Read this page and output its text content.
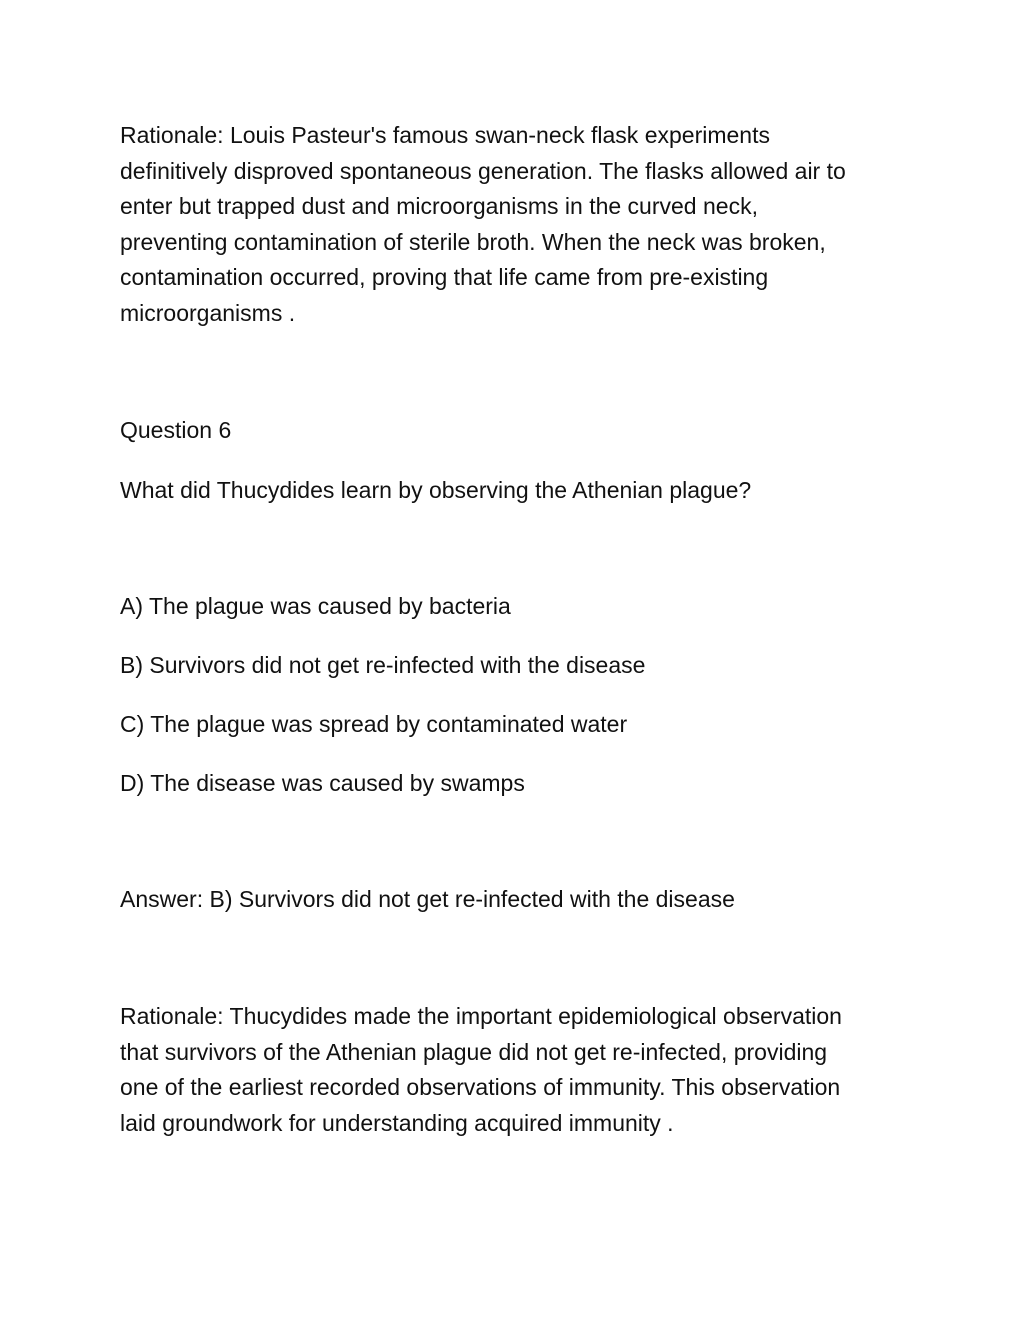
Rationale: Louis Pasteur's famous swan-neck flask experiments
definitively disproved spontaneous generation. The flasks allowed air to
enter but trapped dust and microorganisms in the curved neck,
preventing contamination of sterile broth. When the neck was broken,
contamination occurred, proving that life came from pre-existing
microorganisms .
Question 6
What did Thucydides learn by observing the Athenian plague?
A) The plague was caused by bacteria
B) Survivors did not get re-infected with the disease
C) The plague was spread by contaminated water
D) The disease was caused by swamps
Answer: B) Survivors did not get re-infected with the disease
Rationale: Thucydides made the important epidemiological observation
that survivors of the Athenian plague did not get re-infected, providing
one of the earliest recorded observations of immunity. This observation
laid groundwork for understanding acquired immunity .
